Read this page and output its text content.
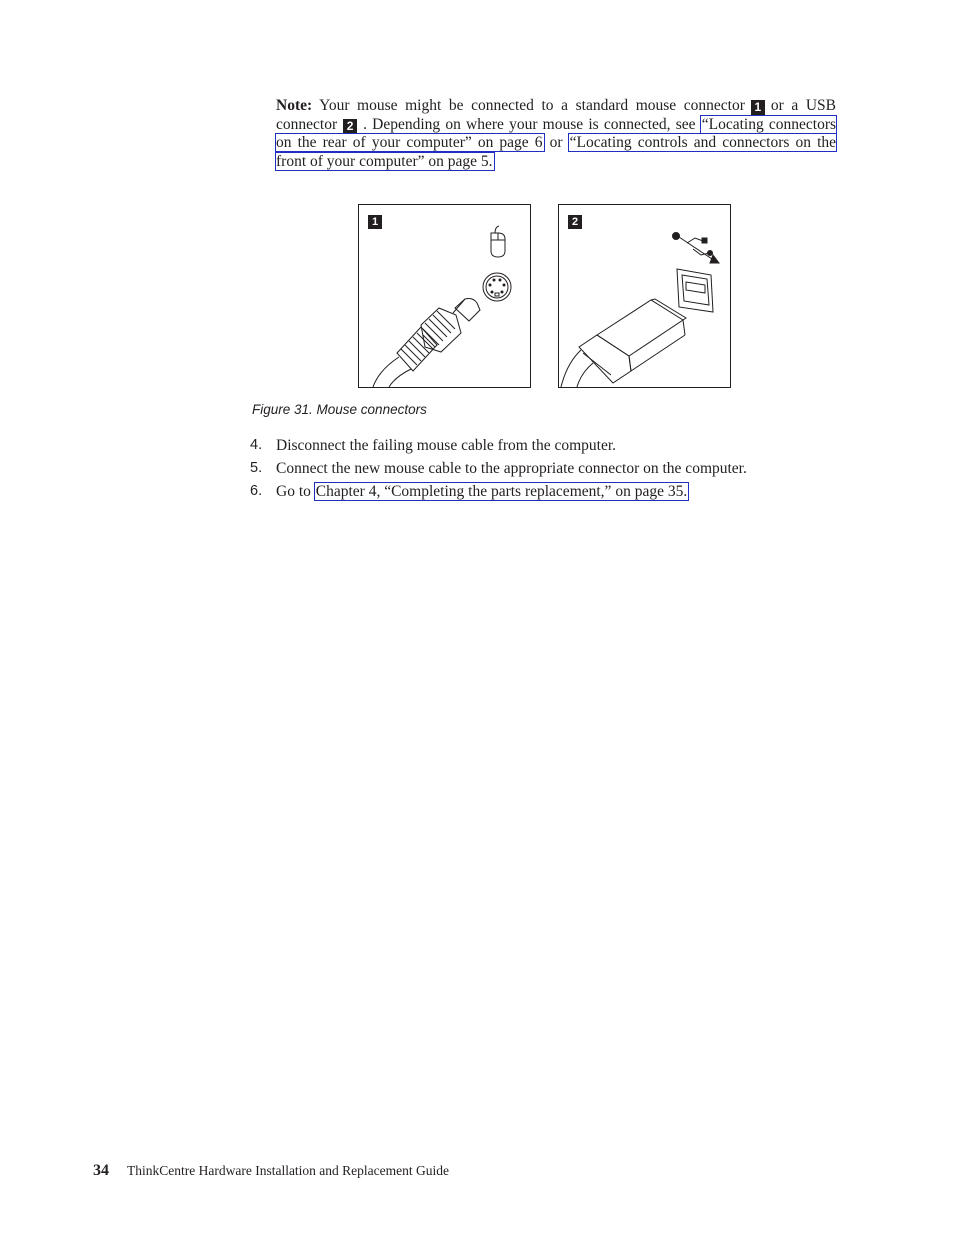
Note: Your mouse might be connected to a standard mouse connector 1 or a USB connector 2 . Depending on where your mouse is connected, see “Locating connectors on the rear of your computer” on page 6 or “Locating controls and connectors on the front of your computer” on page 5.
1	2
Figure 31. Mouse connectors
4. Disconnect the failing mouse cable from the computer.
5. Connect the new mouse cable to the appropriate connector on the computer.
6. Go to Chapter 4, “Completing the parts replacement,” on page 35.
34 ThinkCentre Hardware Installation and Replacement Guide
